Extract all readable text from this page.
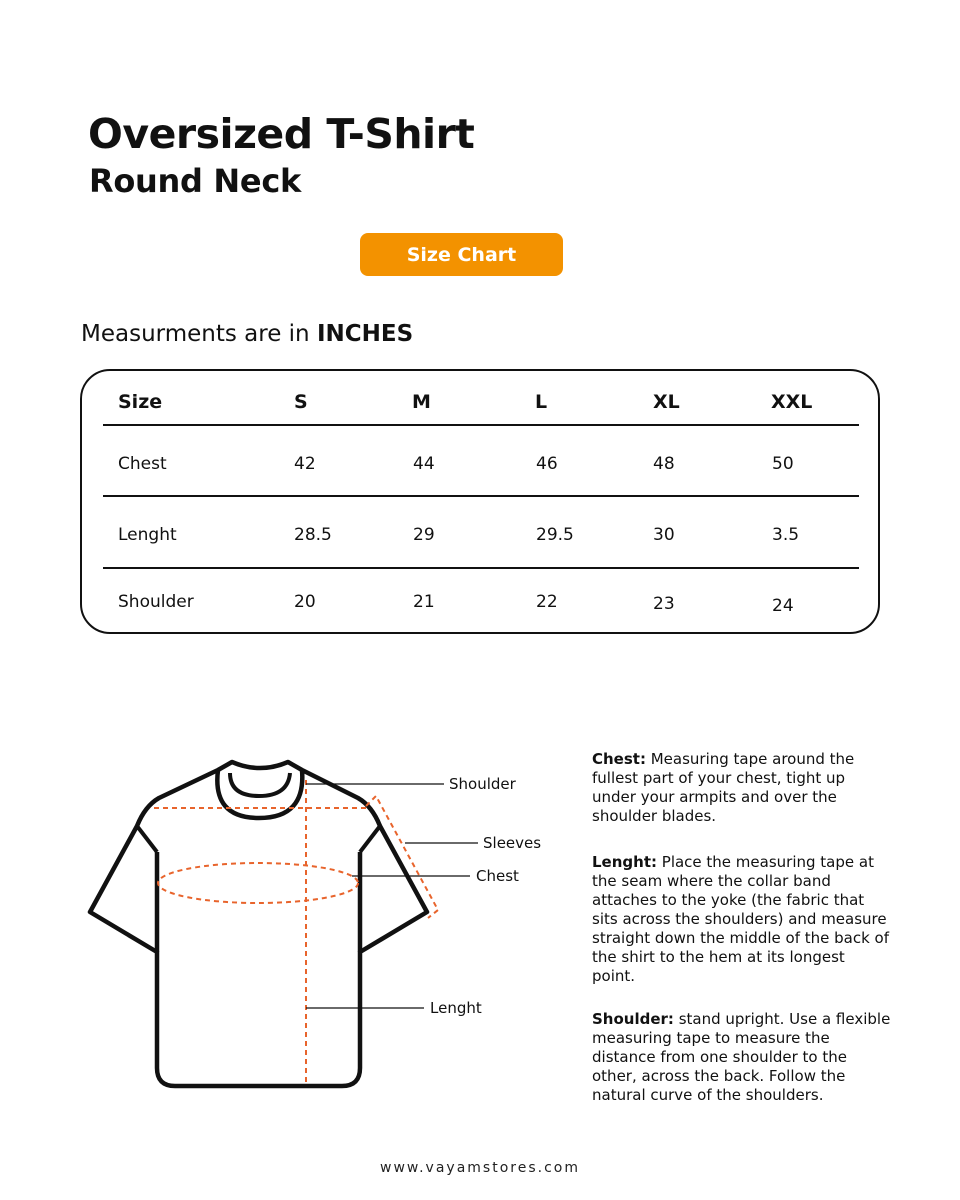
Oversized T-Shirt
Round Neck
Size Chart
Measurments are in INCHES
Size	S	M	L	XL	XXL
Chest	42	44	46	48	50
Lenght	28.5	29	29.5	30	3.5
Shoulder	20	21	22	23	24
Shoulder
Sleeves
Chest
Lenght
Chest: Measuring tape around the fullest part of your chest, tight up under your armpits and over the shoulder blades.
Lenght: Place the measuring tape at the seam where the collar band attaches to the yoke (the fabric that sits across the shoulders) and measure straight down the middle of the back of the shirt to the hem at its longest point.
Shoulder: stand upright. Use a flexible measuring tape to measure the distance from one shoulder to the other, across the back. Follow the natural curve of the shoulders.
www.vayamstores.com
